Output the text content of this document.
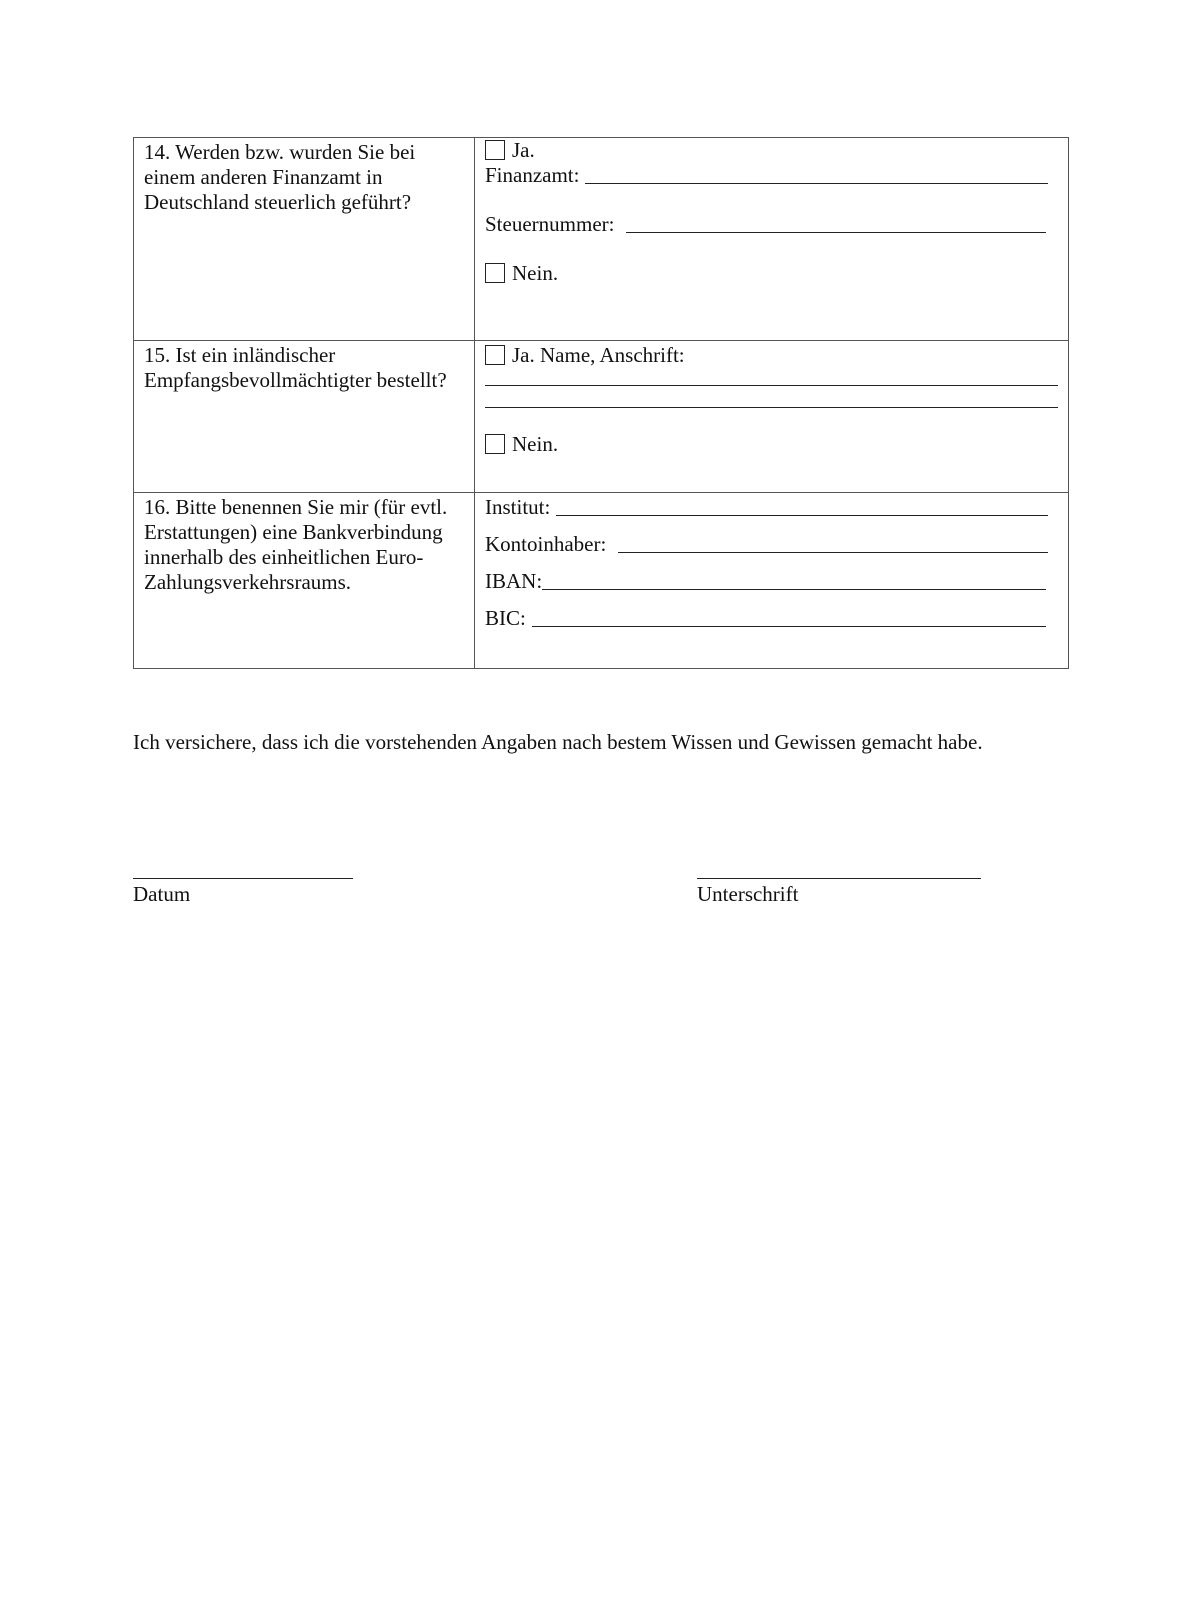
14. Werden bzw. wurden Sie bei einem anderen Finanzamt in Deutschland steuerlich geführt?	Ja.
Finanzamt:
Steuernummer:
Nein.

15. Ist ein inländischer Empfangsbevollmächtigter bestellt?	Ja. Name, Anschrift:
Nein.

16. Bitte benennen Sie mir (für evtl. Erstattungen) eine Bankverbindung innerhalb des einheitlichen Euro-Zahlungsverkehrsraums.	Institut:
Kontoinhaber:
IBAN:
BIC:
Ich versichere, dass ich die vorstehenden Angaben nach bestem Wissen und Gewissen gemacht habe.
Datum	Unterschrift
